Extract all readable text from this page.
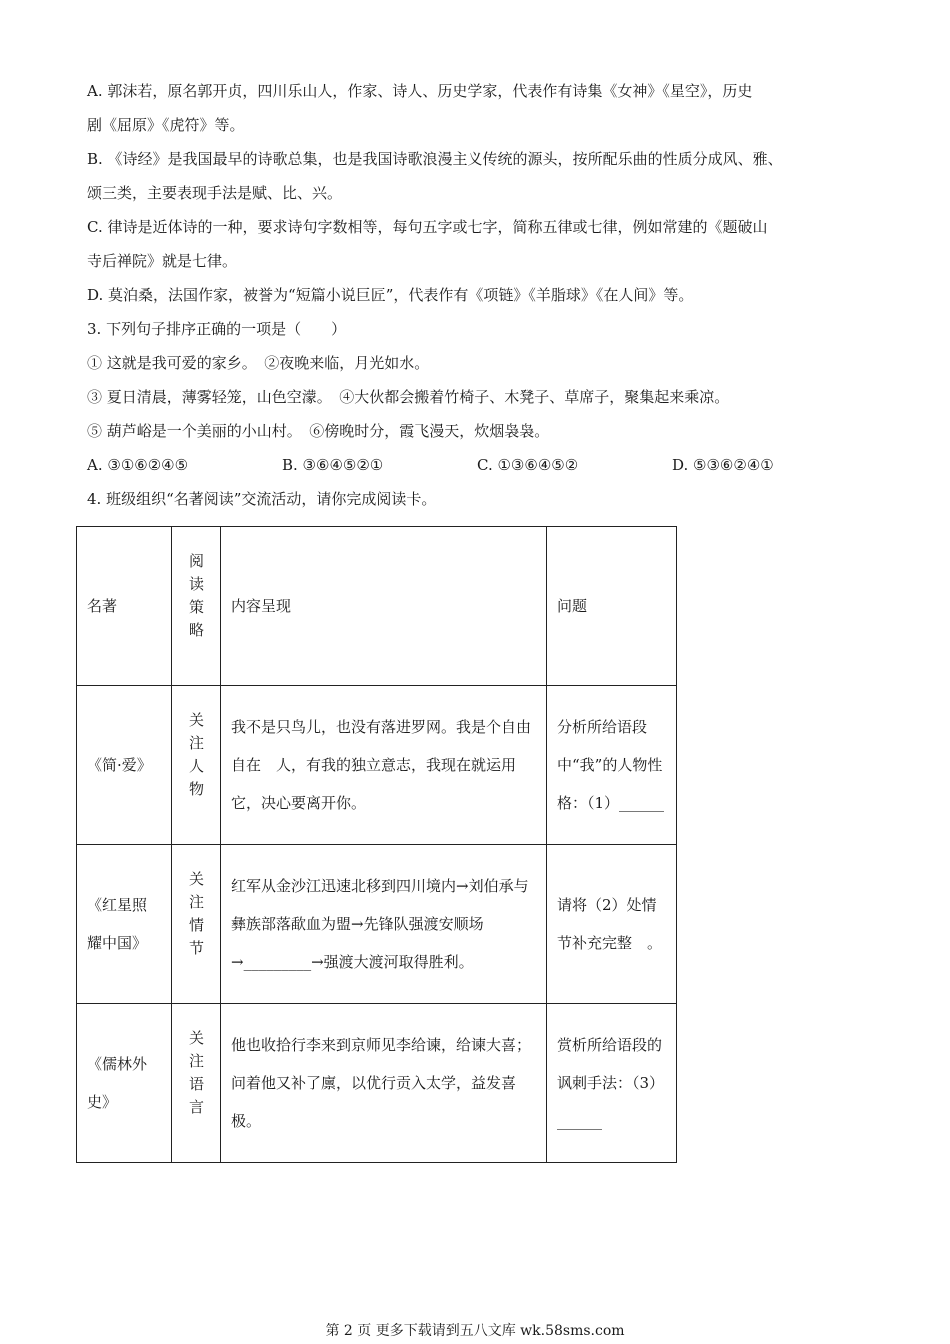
A. 郭沫若，原名郭开贞，四川乐山人，作家、诗人、历史学家，代表作有诗集《女神》《星空》，历史

剧《屈原》《虎符》等。

B. 《诗经》是我国最早的诗歌总集，也是我国诗歌浪漫主义传统的源头，按所配乐曲的性质分成风、雅、

颂三类，主要表现手法是赋、比、兴。

C. 律诗是近体诗的一种，要求诗句字数相等，每句五字或七字，简称五律或七律，例如常建的《题破山

寺后禅院》就是七律。

D. 莫泊桑，法国作家，被誉为“短篇小说巨匠”，代表作有《项链》《羊脂球》《在人间》等。

3. 下列句子排序正确的一项是（　　）

① 这就是我可爱的家乡。　②夜晚来临，月光如水。

③ 夏日清晨，薄雾轻笼，山色空濛。　④大伙都会搬着竹椅子、木凳子、草席子，聚集起来乘凉。

⑤ 葫芦峪是一个美丽的小山村。　⑥傍晚时分，霞飞漫天，炊烟袅袅。

A. ③①⑥②④⑤	B. ③⑥④⑤②①	C. ①③⑥④⑤②	D. ⑤③⑥②④①

4. 班级组织“名著阅读”交流活动，请你完成阅读卡。

名著	阅读策略	内容呈现	问题
《简·爱》	关注人物	我不是只鸟儿，也没有落进罗网。我是个自由自在　人，有我的独立意志，我现在就运用它，决心要离开你。	分析所给语段中“我”的人物性格：（1）______
《红星照耀中国》	关注情节	红军从金沙江迅速北移到四川境内→刘伯承与彝族部落歃血为盟→先锋队强渡安顺场→_________→强渡大渡河取得胜利。	请将（2）处情节补充完整　。
《儒林外史》	关注语言	他也收拾行李来到京师见李给谏，给谏大喜；问着他又补了廪，以优行贡入太学，益发喜极。	赏析所给语段的讽刺手法：（3）______
第 2 页 更多下载请到五八文库 wk.58sms.com
